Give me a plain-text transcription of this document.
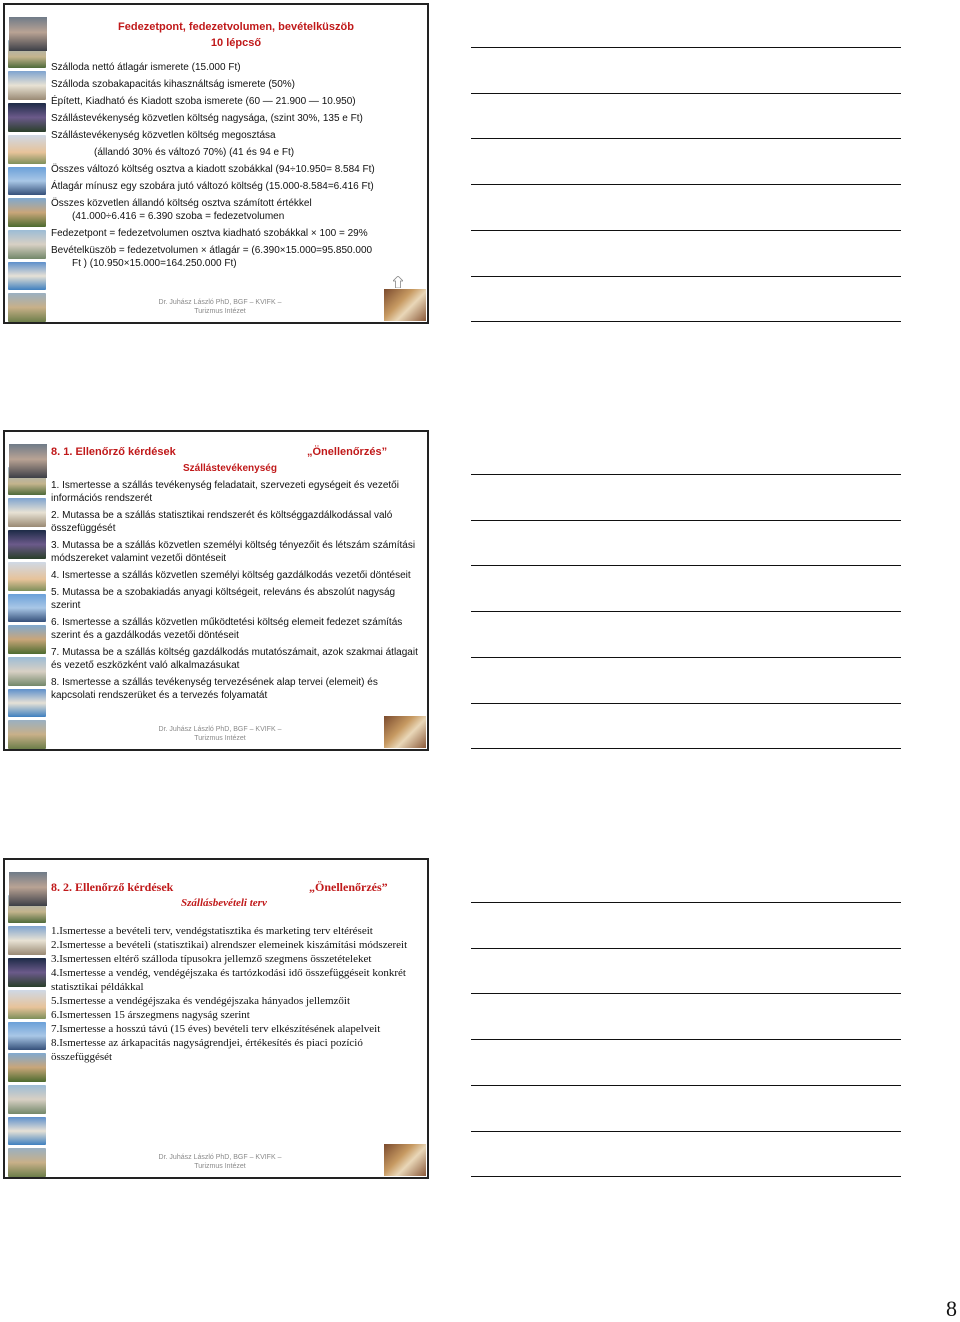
Fedezetpont, fedezetvolumen, bevételküszöb
10 lépcső

Szálloda nettó átlagár ismerete (15.000 Ft)

Szálloda szobakapacitás kihasználtság ismerete (50%)

Épített, Kiadható és Kiadott szoba ismerete (60 — 21.900 — 10.950)

Szállástevékenység közvetlen költség nagysága, (szint 30%, 135 e Ft)

Szállástevékenység közvetlen költség megosztása

(állandó 30% és változó 70%) (41 és 94 e Ft)

Összes változó költség osztva a kiadott szobákkal (94÷10.950= 8.584 Ft)

Átlagár mínusz egy szobára jutó változó költség (15.000-8.584=6.416 Ft)

Összes közvetlen állandó költség osztva számított értékkel

(41.000÷6.416 = 6.390 szoba = fedezetvolumen

Fedezetpont = fedezetvolumen osztva kiadható szobákkal × 100 = 29%

Bevételküszöb = fedezetvolumen × átlagár = (6.390×15.000=95.850.000

Ft ) (10.950×15.000=164.250.000 Ft)

Dr. Juhász László PhD, BGF – KVIFK –
Turizmus Intézet
8. 1. Ellenőrző kérdések	„Önellenőrzés”
Szállástevékenység

1. Ismertesse a szállás tevékenység feladatait, szervezeti egységeit és vezetői információs rendszerét

2. Mutassa be a szállás statisztikai rendszerét és költséggazdálkodással való összefüggését

3. Mutassa be a szállás közvetlen személyi költség tényezőit és létszám számítási módszereket valamint vezetői döntéseit

4. Ismertesse a szállás közvetlen személyi költség gazdálkodás vezetői döntéseit

5. Mutassa be a szobakiadás anyagi költségeit, releváns és abszolút nagyság szerint

6. Ismertesse a szállás közvetlen működtetési költség elemeit fedezet számítás szerint és a gazdálkodás vezetői döntéseit

7. Mutassa be a szállás költség gazdálkodás mutatószámait, azok szakmai átlagait és vezető eszközként való alkalmazásukat

8. Ismertesse a szállás tevékenység tervezésének alap tervei (elemeit) és kapcsolati rendszerüket és a tervezés folyamatát

Dr. Juhász László PhD, BGF – KVIFK –
Turizmus Intézet
8. 2. Ellenőrző kérdések	„Önellenőrzés”
Szállásbevételi terv

1.Ismertesse a bevételi terv, vendégstatisztika és marketing terv eltéréseit

2.Ismertesse a bevételi (statisztikai) alrendszer elemeinek kiszámítási módszereit

3.Ismertessen eltérő szálloda típusokra jellemző szegmens összetételeket

4.Ismertesse a vendég, vendégéjszaka és tartózkodási idő összefüggéseit konkrét statisztikai példákkal

5.Ismertesse a vendégéjszaka és vendégéjszaka hányados jellemzőit

6.Ismertessen 15 árszegmens nagyság szerint

7.Ismertesse a hosszú távú (15 éves) bevételi terv elkészítésének alapelveit

8.Ismertesse az árkapacitás nagyságrendjei, értékesítés és piaci pozíció összefüggését

Dr. Juhász László PhD, BGF – KVIFK –
Turizmus Intézet
8
